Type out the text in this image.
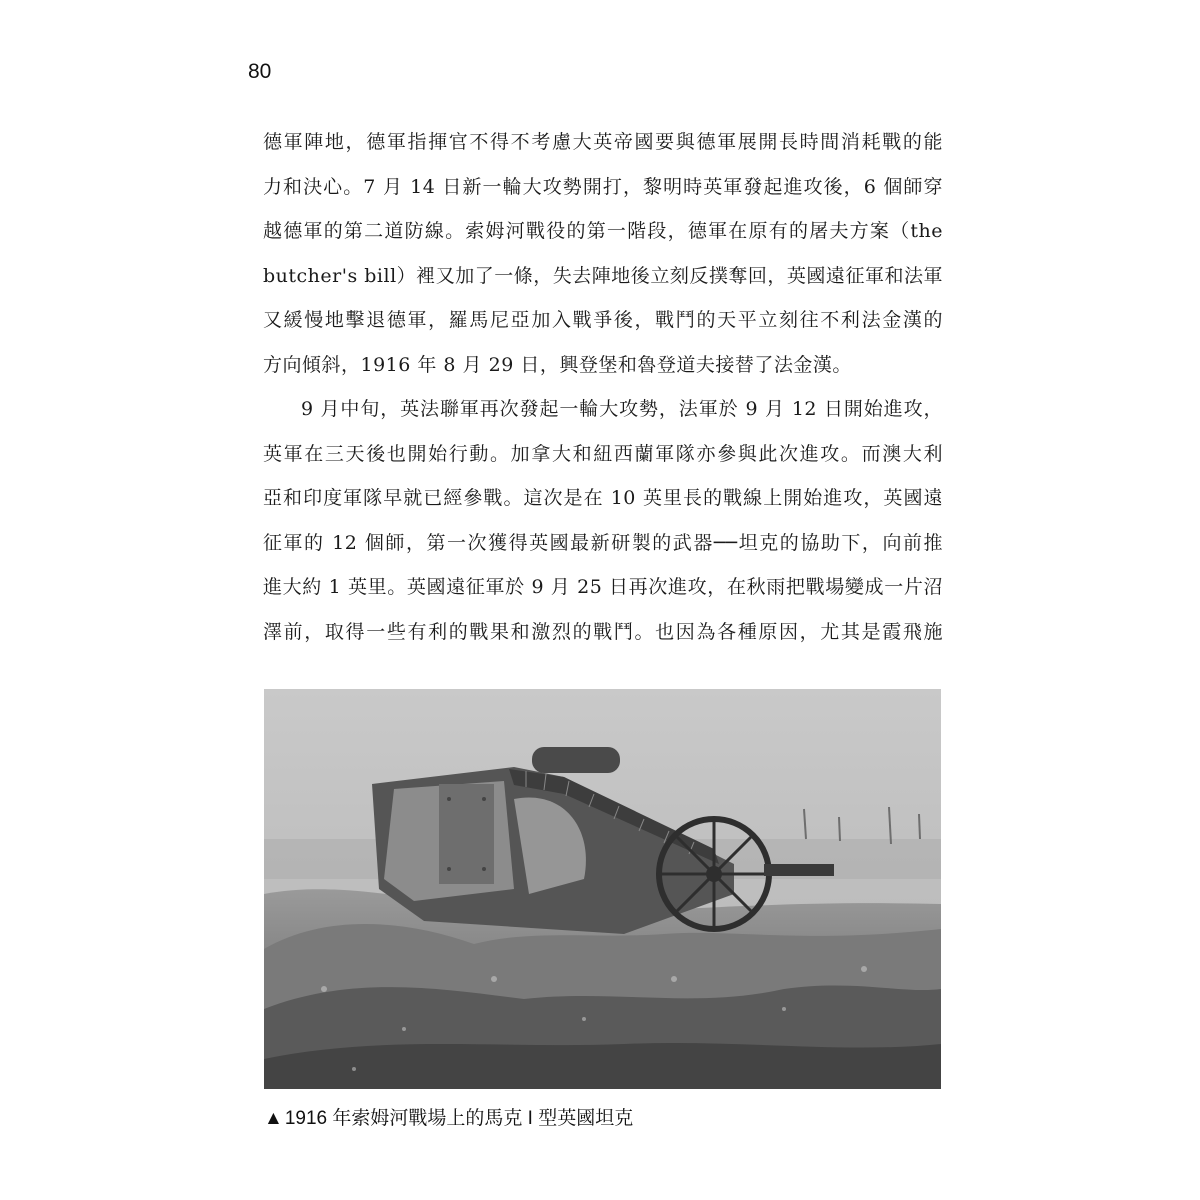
80
德軍陣地，德軍指揮官不得不考慮大英帝國要與德軍展開長時間消耗戰的能
力和決心。7 月 14 日新一輪大攻勢開打，黎明時英軍發起進攻後，6 個師穿
越德軍的第二道防線。索姆河戰役的第一階段，德軍在原有的屠夫方案（the
butcher's bill）裡又加了一條，失去陣地後立刻反撲奪回，英國遠征軍和法軍
又緩慢地擊退德軍，羅馬尼亞加入戰爭後，戰鬥的天平立刻往不利法金漢的
方向傾斜，1916 年 8 月 29 日，興登堡和魯登道夫接替了法金漢。
9 月中旬，英法聯軍再次發起一輪大攻勢，法軍於 9 月 12 日開始進攻，
英軍在三天後也開始行動。加拿大和紐西蘭軍隊亦參與此次進攻。而澳大利
亞和印度軍隊早就已經參戰。這次是在 10 英里長的戰線上開始進攻，英國遠
征軍的 12 個師，第一次獲得英國最新研製的武器──坦克的協助下，向前推
進大約 1 英里。英國遠征軍於 9 月 25 日再次進攻，在秋雨把戰場變成一片沼
澤前，取得一些有利的戰果和激烈的戰鬥。也因為各種原因，尤其是霞飛施
▲ 1916 年索姆河戰場上的馬克 I 型英國坦克
